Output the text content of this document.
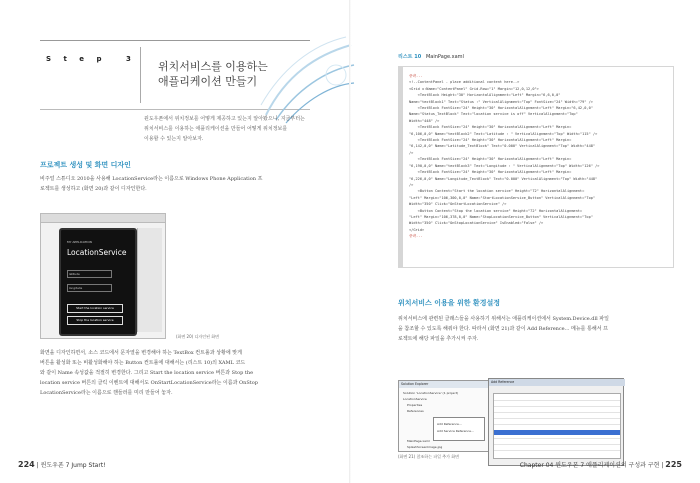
S t e p	3
위치서비스를 이용하는
애플리케이션 만들기
윈도우폰에서 위치정보를 어떻게 제공하고 있는지 알아봤으니, 지금부터는
위치서비스를 이용하는 애플리케이션을 만들어 어떻게 위치정보를
이용할 수 있는지 알아보자.
프로젝트 생성 및 화면 디자인
비주얼 스튜디오 2010을 사용해 LocationService라는 이름으로 Windows Phone Application 프
로젝트를 생성하고 (화면 20)과 같이 디자인한다.
MY APPLICATION
LocationService
latitude
longitude
Start the location service
Stop the location service
(화면 20) 디자인된 화면
화면을 디자인하면서, 소스 코드에서 문자열을 변경해야 하는 TextBox 컨트롤과 상황에 맞게
버튼을 활성화 또는 비활성화해야 하는 Button 컨트롤에 대해서는 (리스트 10)의 XAML 코드
와 같이 Name 속성값을 적절히 변경한다. 그리고 Start the location service 버튼과 Stop the
location service 버튼의 클릭 이벤트에 대해서도 OnStartLocationService라는 이름과 OnStop
LocationService라는 이름으로 핸들러를 미리 만들어 놓자.
224 | 윈도우폰 7 Jump Start!
리스트 10 MainPage.xaml
중략...
<!--ContentPanel - place additional content here-->
<Grid x:Name="ContentPanel" Grid.Row="1" Margin="12,0,12,0">
<TextBlock Height="30" HorizontalAlignment="Left" Margin="6,6,0,0"
Name="textBlock1" Text="Status :" VerticalAlignment="Top" FontSize="24" Width="79" />
<TextBlock FontSize="24" Height="30" HorizontalAlignment="Left" Margin="6,42,0,0"
Name="Status_TextBlock" Text="location service is off" VerticalAlignment="Top"
Width="448" />
<TextBlock FontSize="24" Height="30" HorizontalAlignment="Left" Margin=
"6,106,0,0" Name="textBlock2" Text="Latitude : " VerticalAlignment="Top" Width="115" />
<TextBlock FontSize="24" Height="30" HorizontalAlignment="Left" Margin=
"6,142,0,0" Name="Latitude_TextBlock" Text="0.000" VerticalAlignment="Top" Width="448"
/>
<TextBlock FontSize="24" Height="30" HorizontalAlignment="Left" Margin=
"6,190,0,0" Name="textBlock3" Text="Longitude : " VerticalAlignment="Top" Width="126" />
<TextBlock FontSize="24" Height="30" HorizontalAlignment="Left" Margin=
"6,226,0,0" Name="Longitude_TextBlock" Text="0.000" VerticalAlignment="Top" Width="448"
/>
<Button Content="Start the location service" Height="72" HorizontalAlignment=
"Left" Margin="106,300,0,0" Name="StartLocationService_Button" VerticalAlignment="Top"
Width="350" Click="OnStartLocationService" />
<Button Content="Stop the location service" Height="72" HorizontalAlignment=
"Left" Margin="106,378,0,0" Name="StopLocationService_Button" VerticalAlignment="Top"
Width="350" Click="OnStopLocationService" IsEnabled="False" />
</Grid>
중략...
위치서비스 이용을 위한 환경설정
위치서비스에 관련된 클래스들을 사용하기 위해서는 애플리케이션에서 System.Device.dll 파일
을 참조할 수 있도록 해줘야 한다. 따라서 (화면 21)과 같이 Add Reference... 메뉴를 통해서 프
로젝트에 해당 파일을 추가시켜 주자.
Solution Explorer
Solution 'LocationService' (1 project)
LocationService
Properties
References
Add Reference...
Add Service Reference...
MainPage.xaml
SplashScreenImage.jpg
Add Reference
(화면 21) 참조하는 파일 추가 화면
Chapter 04 윈도우폰 7 애플리케이션의 구성과 구현 | 225
